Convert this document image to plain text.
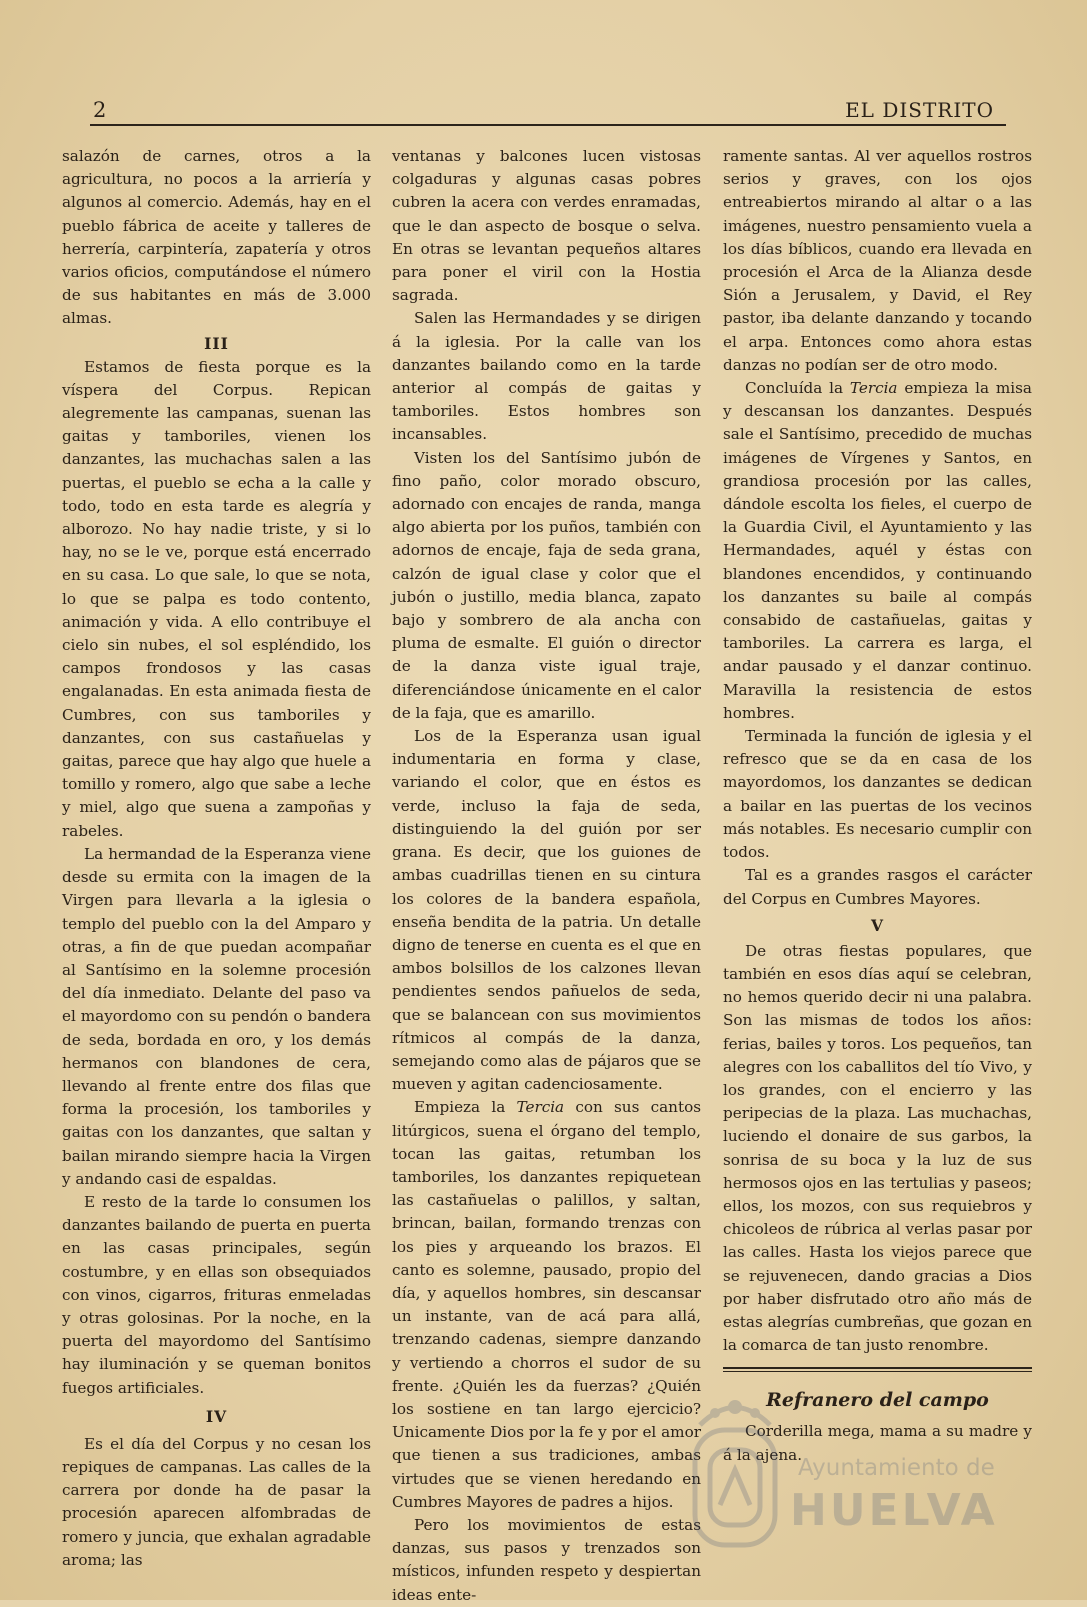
2	EL DISTRITO

salazón de carnes, otros a la agricultura, no pocos a la arriería y algunos al comercio. Además, hay en el pueblo fábrica de aceite y talleres de herrería, carpintería, zapatería y otros varios oficios, computándose el número de sus habitantes en más de 3.000 almas.

III

Estamos de fiesta porque es la víspera del Corpus. Repican alegremente las campanas, suenan las gaitas y tamboriles, vienen los danzantes, las muchachas salen a las puertas, el pueblo se echa a la calle y todo, todo en esta tarde es alegría y alborozo. No hay nadie triste, y si lo hay, no se le ve, porque está encerrado en su casa. Lo que sale, lo que se nota, lo que se palpa es todo contento, animación y vida. A ello contribuye el cielo sin nubes, el sol espléndido, los campos frondosos y las casas engalanadas. En esta animada fiesta de Cumbres, con sus tamboriles y danzantes, con sus castañuelas y gaitas, parece que hay algo que huele a tomillo y romero, algo que sabe a leche y miel, algo que suena a zampoñas y rabeles.

La hermandad de la Esperanza viene desde su ermita con la imagen de la Virgen para llevarla a la iglesia o templo del pueblo con la del Amparo y otras, a fin de que puedan acompañar al Santísimo en la solemne procesión del día inmediato. Delante del paso va el mayordomo con su pendón o bandera de seda, bordada en oro, y los demás hermanos con blandones de cera, llevando al frente entre dos filas que forma la procesión, los tamboriles y gaitas con los danzantes, que saltan y bailan mirando siempre hacia la Virgen y andando casi de espaldas.

E resto de la tarde lo consumen los danzantes bailando de puerta en puerta en las casas principales, según costumbre, y en ellas son obsequiados con vinos, cigarros, frituras enmeladas y otras golosinas. Por la noche, en la puerta del mayordomo del Santísimo hay iluminación y se queman bonitos fuegos artificiales.

IV

Es el día del Corpus y no cesan los repiques de campanas. Las calles de la carrera por donde ha de pasar la procesión aparecen alfombradas de romero y juncia, que exhalan agradable aroma; las

ventanas y balcones lucen vistosas colgaduras y algunas casas pobres cubren la acera con verdes enramadas, que le dan aspecto de bosque o selva. En otras se levantan pequeños altares para poner el viril con la Hostia sagrada.

Salen las Hermandades y se dirigen á la iglesia. Por la calle van los danzantes bailando como en la tarde anterior al compás de gaitas y tamboriles. Estos hombres son incansables.

Visten los del Santísimo jubón de fino paño, color morado obscuro, adornado con encajes de randa, manga algo abierta por los puños, también con adornos de encaje, faja de seda grana, calzón de igual clase y color que el jubón o justillo, media blanca, zapato bajo y sombrero de ala ancha con pluma de esmalte. El guión o director de la danza viste igual traje, diferenciándose únicamente en el calor de la faja, que es amarillo.

Los de la Esperanza usan igual indumentaria en forma y clase, variando el color, que en éstos es verde, incluso la faja de seda, distinguiendo la del guión por ser grana. Es decir, que los guiones de ambas cuadrillas tienen en su cintura los colores de la bandera española, enseña bendita de la patria. Un detalle digno de tenerse en cuenta es el que en ambos bolsillos de los calzones llevan pendientes sendos pañuelos de seda, que se balancean con sus movimientos rítmicos al compás de la danza, semejando como alas de pájaros que se mueven y agitan cadenciosamente.

Empieza la Tercia con sus cantos litúrgicos, suena el órgano del templo, tocan las gaitas, retumban los tamboriles, los danzantes repiquetean las castañuelas o palillos, y saltan, brincan, bailan, formando trenzas con los pies y arqueando los brazos. El canto es solemne, pausado, propio del día, y aquellos hombres, sin descansar un instante, van de acá para allá, trenzando cadenas, siempre danzando y vertiendo a chorros el sudor de su frente. ¿Quién les da fuerzas? ¿Quién los sostiene en tan largo ejercicio? Unicamente Dios por la fe y por el amor que tienen a sus tradiciones, ambas virtudes que se vienen heredando en Cumbres Mayores de padres a hijos.

Pero los movimientos de estas danzas, sus pasos y trenzados son místicos, infunden respeto y despiertan ideas ente-

ramente santas. Al ver aquellos rostros serios y graves, con los ojos entreabiertos mirando al altar o a las imágenes, nuestro pensamiento vuela a los días bíblicos, cuando era llevada en procesión el Arca de la Alianza desde Sión a Jerusalem, y David, el Rey pastor, iba delante danzando y tocando el arpa. Entonces como ahora estas danzas no podían ser de otro modo.

Concluída la Tercia empieza la misa y descansan los danzantes. Después sale el Santísimo, precedido de muchas imágenes de Vírgenes y Santos, en grandiosa procesión por las calles, dándole escolta los fieles, el cuerpo de la Guardia Civil, el Ayuntamiento y las Hermandades, aquél y éstas con blandones encendidos, y continuando los danzantes su baile al compás consabido de castañuelas, gaitas y tamboriles. La carrera es larga, el andar pausado y el danzar continuo. Maravilla la resistencia de estos hombres.

Terminada la función de iglesia y el refresco que se da en casa de los mayordomos, los danzantes se dedican a bailar en las puertas de los vecinos más notables. Es necesario cumplir con todos.

Tal es a grandes rasgos el carácter del Corpus en Cumbres Mayores.

V

De otras fiestas populares, que también en esos días aquí se celebran, no hemos querido decir ni una palabra. Son las mismas de todos los años: ferias, bailes y toros. Los pequeños, tan alegres con los caballitos del tío Vivo, y los grandes, con el encierro y las peripecias de la plaza. Las muchachas, luciendo el donaire de sus garbos, la sonrisa de su boca y la luz de sus hermosos ojos en las tertulias y paseos; ellos, los mozos, con sus requiebros y chicoleos de rúbrica al verlas pasar por las calles. Hasta los viejos parece que se rejuvenecen, dando gracias a Dios por haber disfrutado otro año más de estas alegrías cumbreñas, que gozan en la comarca de tan justo renombre.

Refranero del campo

Corderilla mega, mama a su madre y á la ajena.

Ayuntamiento de
HUELVA
